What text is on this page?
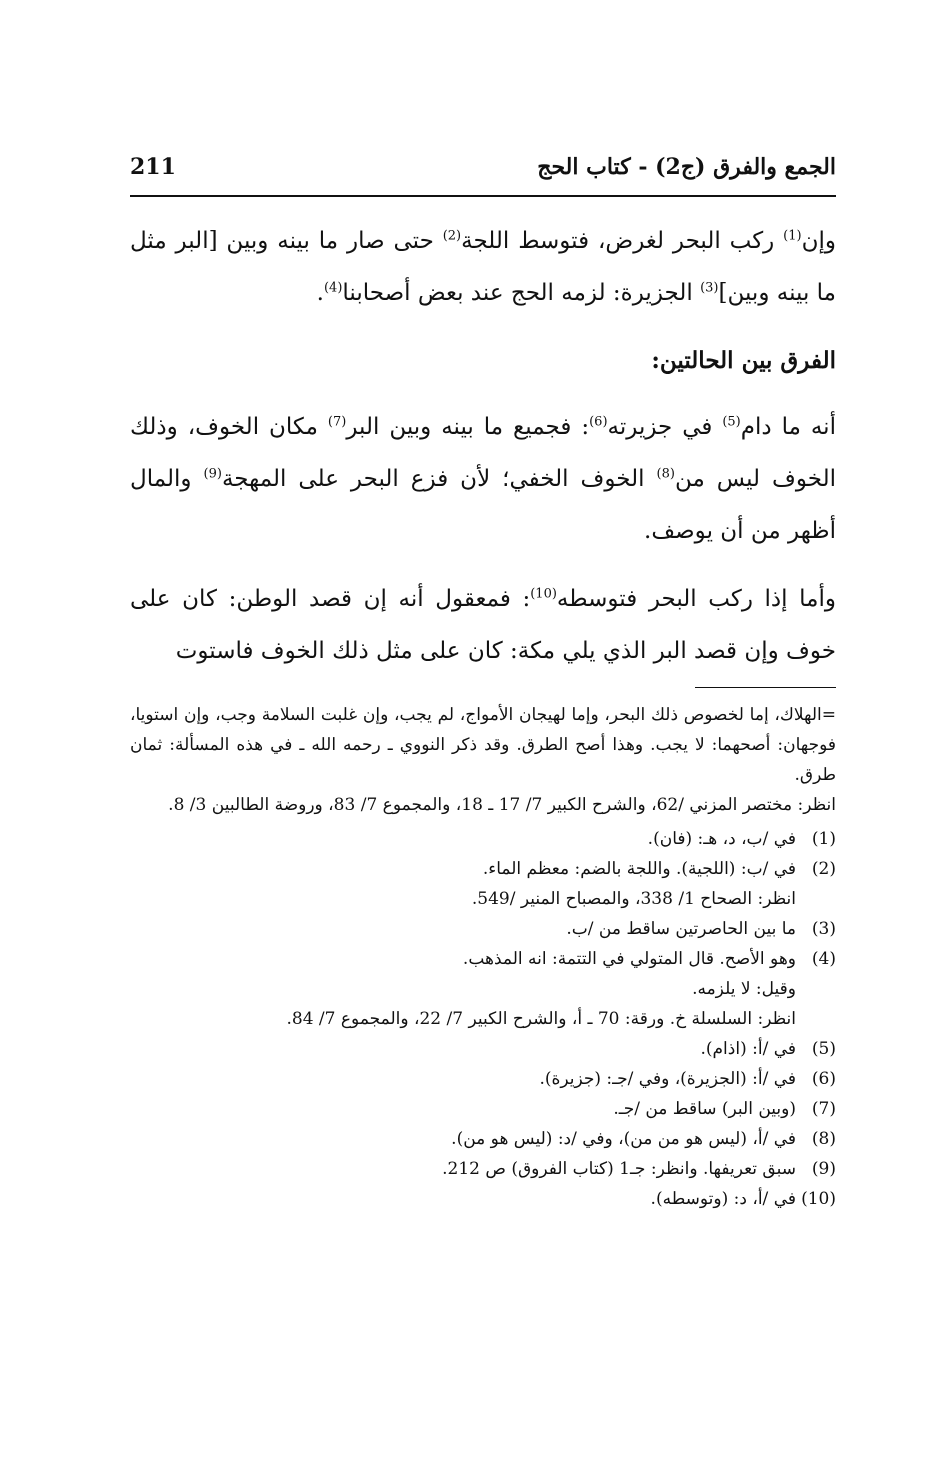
الجمع والفرق (ج2) - كتاب الحج
211

وإن$^{(1)}$ ركب البحر لغرض، فتوسط اللجة$^{(2)}$ حتى صار ما بينه وبين [البر مثل ما بينه وبين]$^{(3)}$ الجزيرة: لزمه الحج عند بعض أصحابنا$^{(4)}$.

الفرق بين الحالتين:

أنه ما دام$^{(5)}$ في جزيرته$^{(6)}$: فجميع ما بينه وبين البر$^{(7)}$ مكان الخوف، وذلك الخوف ليس من$^{(8)}$ الخوف الخفي؛ لأن فزع البحر على المهجة$^{(9)}$ والمال أظهر من أن يوصف.

وأما إذا ركب البحر فتوسطه$^{(10)}$: فمعقول أنه إن قصد الوطن: كان على خوف وإن قصد البر الذي يلي مكة: كان على مثل ذلك الخوف فاستوت

=الهلاك، إما لخصوص ذلك البحر، وإما لهيجان الأمواج، لم يجب، وإن غلبت السلامة وجب، وإن استويا، فوجهان: أصحهما: لا يجب. وهذا أصح الطرق. وقد ذكر النووي ـ رحمه الله ـ في هذه المسألة: ثمان طرق.
انظر: مختصر المزني /62، والشرح الكبير 7/ 17 ـ 18، والمجموع 7/ 83، وروضة الطالبين 3/ 8.
(1)
في /ب، د، هـ: (فان).
(2)
في /ب: (اللجية). واللجة بالضم: معظم الماء.
انظر: الصحاح 1/ 338، والمصباح المنير /549.
(3)
ما بين الحاصرتين ساقط من /ب.
(4)
وهو الأصح. قال المتولي في التتمة: انه المذهب.
وقيل: لا يلزمه.
انظر: السلسلة خ. ورقة: 70 ـ أ، والشرح الكبير 7/ 22، والمجموع 7/ 84.
(5)
في /أ: (اذام).
(6)
في /أ: (الجزيرة)، وفي /جـ: (جزيرة).
(7)
(وبين البر) ساقط من /جـ.
(8)
في /أ، (ليس هو من من)، وفي /د: (ليس هو من).
(9)
سبق تعريفها. وانظر: جـ1 (كتاب الفروق) ص 212.
(10)
في /أ، د: (وتوسطه).
